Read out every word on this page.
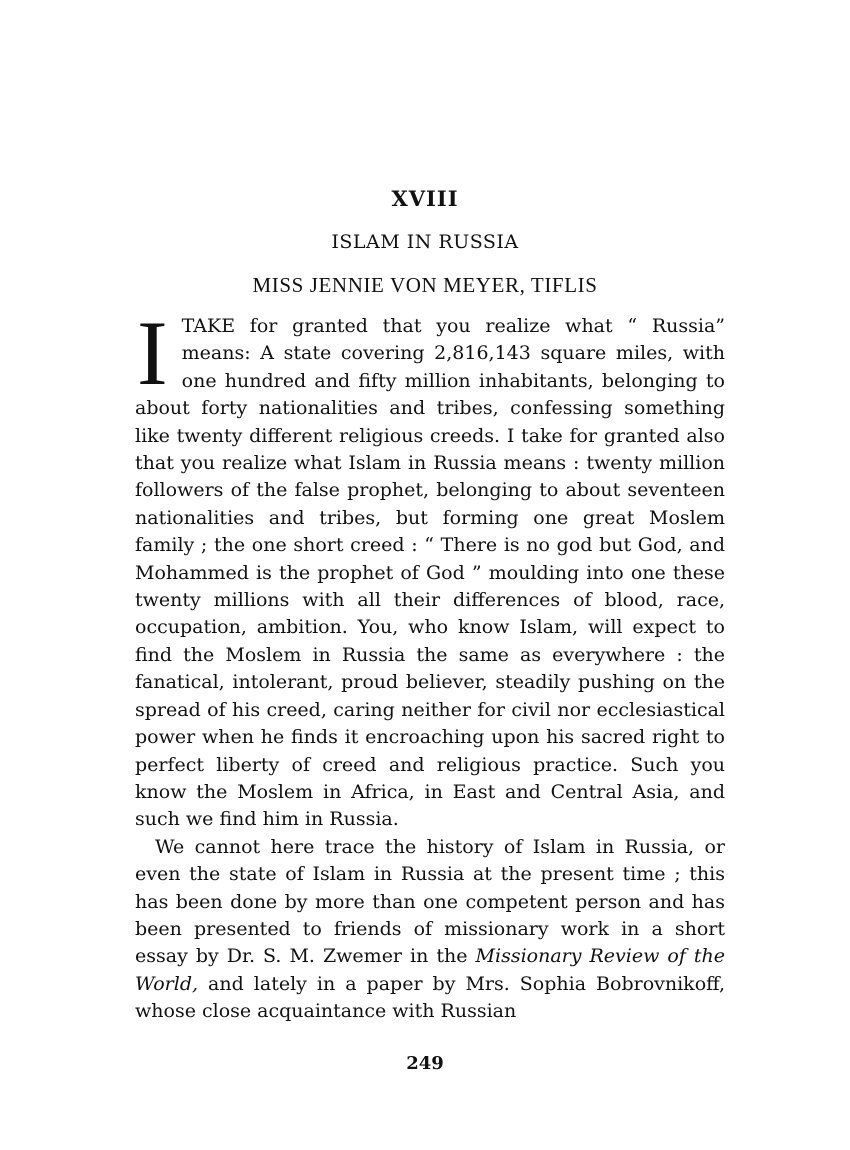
XVIII
ISLAM IN RUSSIA
MISS JENNIE VON MEYER, TIFLIS

ITAKE for granted that you realize what “ Russia” means: A state covering 2,816,143 square miles, with one hundred and fifty million inhabitants, belonging to about forty nationalities and tribes, confessing something like twenty different religious creeds. I take for granted also that you realize what Islam in Russia means : twenty million followers of the false prophet, belonging to about seventeen nationalities and tribes, but forming one great Moslem family ; the one short creed : “ There is no god but God, and Mohammed is the prophet of God ” moulding into one these twenty millions with all their differences of blood, race, occupation, ambition. You, who know Islam, will expect to find the Moslem in Russia the same as everywhere : the fanatical, intolerant, proud believer, steadily pushing on the spread of his creed, caring neither for civil nor ecclesiastical power when he finds it encroaching upon his sacred right to perfect liberty of creed and religious practice. Such you know the Moslem in Africa, in East and Central Asia, and such we find him in Russia.

We cannot here trace the history of Islam in Russia, or even the state of Islam in Russia at the present time ; this has been done by more than one competent person and has been presented to friends of missionary work in a short essay by Dr. S. M. Zwemer in the Missionary Review of the World, and lately in a paper by Mrs. Sophia Bobrovnikoff, whose close acquaintance with Russian

249
